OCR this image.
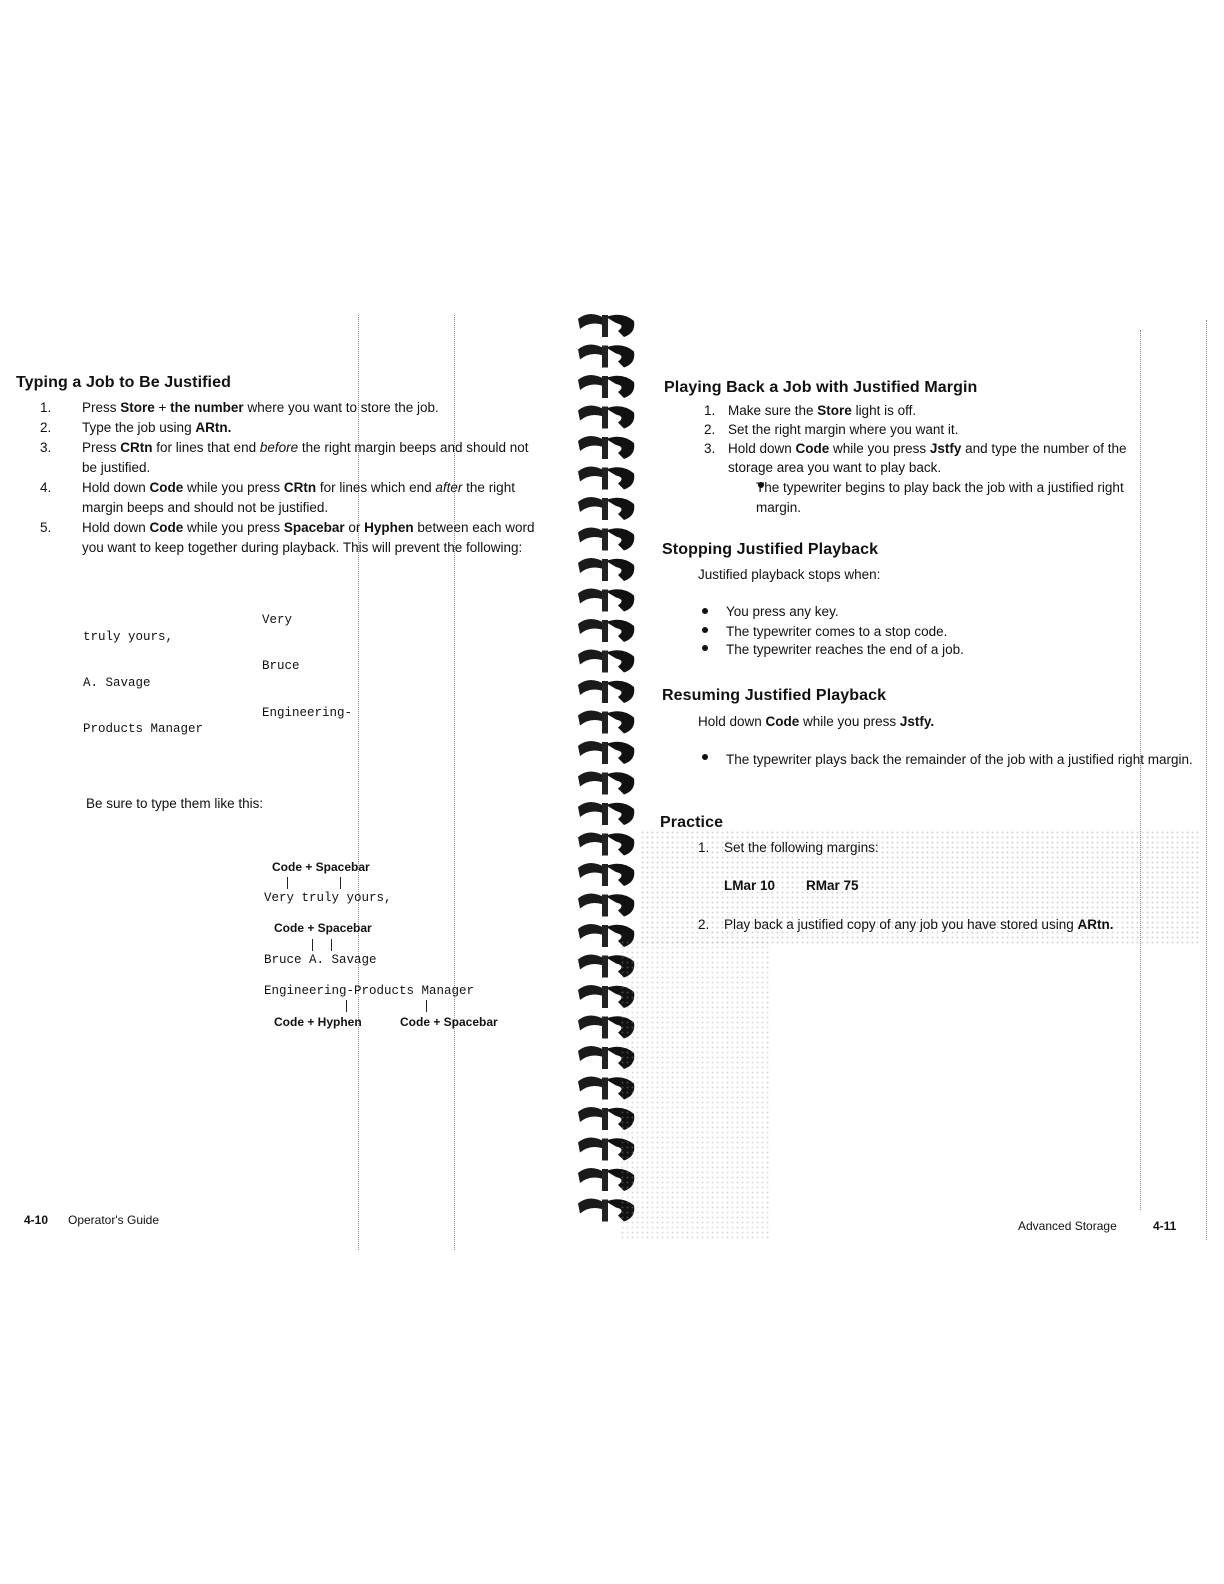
Typing a Job to Be Justified
1.	Press Store + the number where you want to store the job.
2.	Type the job using ARtn.
3.	Press CRtn for lines that end before the right margin beeps and should not be justified.
4.	Hold down Code while you press CRtn for lines which end after the right margin beeps and should not be justified.
5.	Hold down Code while you press Spacebar or Hyphen between each word you want to keep together during playback. This will prevent the following:
Very
truly yours,
Bruce
A. Savage
Engineering-
Products Manager
Be sure to type them like this:
Code + Spacebar
Very truly yours,
Code + Spacebar
Bruce A. Savage
Engineering-Products Manager
Code + Hyphen	Code + Spacebar
4-10 Operator's Guide
Playing Back a Job with Justified Margin
1. Make sure the Store light is off.
2. Set the right margin where you want it.
3. Hold down Code while you press Jstfy and type the number of the storage area you want to play back.
The typewriter begins to play back the job with a justified right margin.
Stopping Justified Playback
Justified playback stops when:
You press any key.
The typewriter comes to a stop code.
The typewriter reaches the end of a job.
Resuming Justified Playback
Hold down Code while you press Jstfy.
The typewriter plays back the remainder of the job with a justified right margin.
Practice
1. Set the following margins:
LMar 10 RMar 75
2. Play back a justified copy of any job you have stored using ARtn.
Advanced Storage	4-11
